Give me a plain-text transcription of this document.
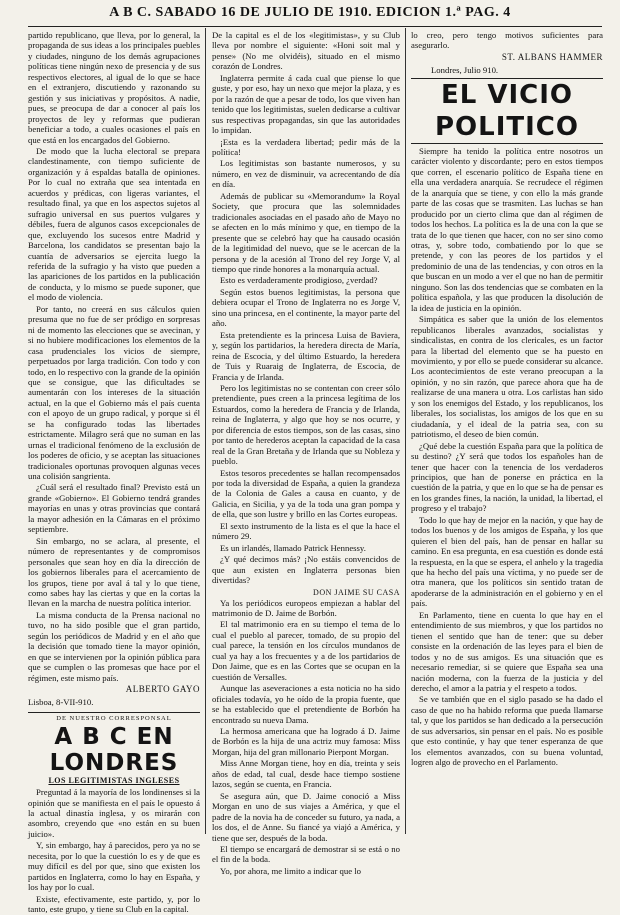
A B C. SABADO 16 DE JULIO DE 1910. EDICION 1.ª PAG. 4

partido republicano, que lleva, por lo general, la propaganda de sus ideas a los principales puebles y ciudades, ninguno de los demás agrupaciones políticas tiene ningún nexo de presencia y de sus respectivos electores, al igual de lo que se hace en el extranjero, discutiendo y razonando su gestión y sus iniciativas y propósitos. A nadie, pues, se preocupa de dar a conocer al país los proyectos de ley y reformas que pudieran beneficiar a todo, a cuales ocasiones el país en que está en los encargados del Gobierno.

De modo que la lucha electoral se prepara clandestinamente, con tiempo suficiente de organización y á espaldas batalla de opiniones. Por lo cual no extraña que sea intentada en acuerdos y prédicas, con ligeras variantes, el resultado final, ya que en los aspectos sujetos al sufragio universal en sus puertos vulgares y débiles, fuera de algunos casos excepcionales de que, excluyendo los sucesos entre Madrid y Barcelona, los candidatos se presentan bajo la cuantía de adversarios se ejercita luego la referida de la sufragio y ha visto que pueden a las apariciones de los partidos en la publicación de conducta, y lo mismo se puede suponer, que el modo de violencia.

Por tanto, no creerá en sus cálculos quien presuma que no fue de ser pródigo en sorpresas ni de momento las elecciones que se avecinan, y si no hubiere modificaciones los elementos de la casa prudenciales los vicios de siempre, perpetuados por larga tradición. Con todo y con todo, en lo respectivo con la grande de la opinión que se consigue, que las dificultades se aumentarán con los intereses de la situación actual, en la que el Gobierno más el país cuenta con el apoyo de un grupo radical, y porque si él se ha configurado todas las libertades estrictamente. Milagro será que no suman en las urnas el tradicional fenómeno de la exclusión de los poderes de oficio, y se aceptan las situaciones tradicionales oportunas provoquen algunas veces una colisión sangrienta.

¿Cuál será el resultado final? Previsto está un grande «Gobierno». El Gobierno tendrá grandes mayorías en unas y otras provincias que contará la mayor adhesión en la Cámaras en el próximo septiembre.

Sin embargo, no se aclara, al presente, el número de representantes y de compromisos personales que sean hoy en día la dirección de los gobiernos liberales para el acercamiento de los grupos, tiene por aval á tal y lo que tiene, como sabes hay las ciertas y que en la cortas la llevan en la marcha de nuestra política interior.

La misma conducta de la Prensa nacional no tuvo, no ha sido posible que el gran partido, según los periódicos de Madrid y en el año que la decisión que tomado tiene la mayor opinión, en que se intervienen por la opinión pública para que se cumplen o las promesas que hace por el régimen, este mismo país.

ALBERTO GAYO
Lisboa, 8-VII-910.
DE NUESTRO CORRESPONSAL
A B C EN LONDRES
LOS LEGITIMISTAS INGLESES

Preguntad á la mayoría de los londinenses si la opinión que se manifiesta en el país le opuesto á la actual dinastía inglesa, y os mirarán con asombro, creyendo que «no están en su buen juicio».

Y, sin embargo, hay á parecidos, pero ya no se necesita, por lo que la cuestión lo es y de que es muy difícil es del por que, sino que existen los partidos en Inglaterra, como lo hay en España, y los hay por lo cual.

Existe, efectivamente, este partido, y, por lo tanto, este grupo, y tiene su Club en la capital.

De la capital es el de los «legitimistas», y su Club lleva por nombre el siguiente: «Honi soit mal y pense» (No me olvidéis), situado en el mismo corazón de Londres.

Inglaterra permite á cada cual que piense lo que guste, y por eso, hay un nexo que mejor la plaza, y es por la razón de que a pesar de todo, los que viven han tenido que los legitimistas, suelen dedicarse a cultivar sus respectivas propagandas, sin que las autoridades lo impidan.

¡Esta es la verdadera libertad; pedir más de la política!

Los legitimistas son bastante numerosos, y su número, en vez de disminuir, va acrecentando de día en día.

Además de publicar su «Memorandum» la Royal Society, que procura que las solemnidades tradicionales asociadas en el pasado año de Mayo no se afecten en lo más mínimo y que, en tiempo de la presente que se celebró hay que ha causado ocasión de la legitimidad del nuevo, que se le acercan de la persona y de la acesión al Trono del rey Jorge V, al tiempo que rinde honores a la monarquía actual.

Esto es verdaderamente prodigioso, ¿verdad?

Según estos buenos legitimistas, la persona que debiera ocupar el Trono de Inglaterra no es Jorge V, sino una princesa, en el continente, la mayor parte del año.

Esta pretendiente es la princesa Luisa de Baviera, y, según los partidarios, la heredera directa de María, reina de Escocia, y del último Estuardo, la heredera de Tuis y Ruaraig de Inglaterra, de Escocia, de Francia y de Irlanda.

Pero los legitimistas no se contentan con creer sólo pretendiente, pues creen a la princesa legítima de los Estuardos, como la heredera de Francia y de Irlanda, reina de Inglaterra, y algo que hoy se nos ocurre, y por diferencia de estos tiempos, son de las casas, sino por tanto de herederos aceptan la capacidad de la casa real de la Gran Bretaña y de Irlanda que su Nobleza y pueblo.

Estos tesoros precedentes se hallan recompensados por toda la diversidad de España, a quien la grandeza de la Colonia de Gales a causa en cuanto, y de Galicia, en Sicilia, y ya de la toda una gran pompa y de ella, que son lustre y brillo en las Cortes europeas.

El sexto instrumento de la lista es el que la hace el número 29.

Es un irlandés, llamado Patrick Hennessy.

¿Y qué decimos más? ¡No estáis convencidos de que aun existen en Inglaterra personas bien divertidas?

DON JAIME SU CASA

Ya los periódicos europeos empiezan a hablar del matrimonio de D. Jaime de Borbón.

El tal matrimonio era en su tiempo el tema de lo cual el pueblo al parecer, tomado, de su propio del cual parece, la tensión en los círculos mundanos de cual ya hay a los frecuentes y a de los partidarios de Don Jaime, que es en las Cortes que se ocupan en la cuestión de Versalles.

Aunque las aseveraciones a esta noticia no ha sido oficiales todavía, yo he oído de la propia fuente, que se ha establecido que el pretendiente de Borbón ha encontrado su nueva Dama.

La hermosa americana que ha logrado á D. Jaime de Borbón es la hija de una actriz muy famosa: Miss Morgan, hija del gran millonario Pierpont Morgan.

Miss Anne Morgan tiene, hoy en día, treinta y seis años de edad, tal cual, desde hace tiempo sostiene lazos, según se cuenta, en Francia.

Se asegura aún, que D. Jaime conoció a Miss Morgan en uno de sus viajes a América, y que el padre de la novia ha de conceder su futuro, ya nada, a los dos, el de Anne. Su fiancé ya viajó a América, y tiene que ser, después de la boda.

El tiempo se encargará de demostrar si se está o no el fin de la boda.

Yo, por ahora, me limito a indicar que lo

lo creo, pero tengo motivos suficientes para asegurarlo.

ST. ALBANS HAMMER
Londres, Julio 910.
EL VICIO POLITICO

Siempre ha tenido la política entre nosotros un carácter violento y discordante; pero en estos tiempos que corren, el escenario político de España tiene en ella una verdadera anarquía. Se recrudece el régimen de la anarquía que se tiene, y con ello la más grande parte de las cosas que se trasmiten. Las luchas se han producido por un cierto clima que dan al régimen de todos los hechos. La política es la de una con la que se trata de lo que tienen que hacer, con no ser sino como otras, y, sobre todo, combatiendo por lo que se pretende, y con las peores de los partidos y el predominio de una de las tendencias, y con otros en la que buscan en un modo a ver el que no han de permitir ninguno. Son las dos tendencias que se combaten en la política española, y las que producen la disolución de la idea de justicia en la opinión.

Simpática es saber que la unión de los elementos republicanos liberales avanzados, socialistas y sindicalistas, en contra de los clericales, es un factor para la libertad del elemento que se ha puesto en movimiento, y por ello se puede considerar su alcance. Los acontecimientos de este verano preocupan a la opinión, y no sin razón, que parece ahora que ha de realizarse de una manera u otra. Los carlistas han sido y son los enemigos del Estado, y los republicanos, los liberales, los socialistas, los amigos de los que en su ciudadanía, y el ideal de la patria sea, con su patriotismo, el deseo de bien común.

¿Qué debe la cuestión España para que la política de su destino? ¿Y será que todos los españoles han de tener que hacer con la tenencia de los verdaderos principios, que han de ponerse en práctica en la cuestión de la patria, y que en lo que se ha de pensar es en los grandes fines, la nación, la unidad, la libertad, el progreso y el trabajo?

Todo lo que hay de mejor en la nación, y que hay de todos los buenos y de los amigos de España, y los que quieren el bien del país, han de pensar en hallar su camino. En esa pregunta, en esa cuestión es donde está la respuesta, en la que se espera, el anhelo y la tragedia que ha hecho del país una víctima, y no puede ser de otra manera, que los políticos sin sentido tratan de apoderarse de la administración en el gobierno y en el país.

En Parlamento, tiene en cuenta lo que hay en el entendimiento de sus miembros, y que los partidos no tienen el sentido que han de tener: que su deber consiste en la ordenación de las leyes para el bien de todos y no de sus amigos. Es una situación que es necesario remediar, si se quiere que España sea una nación moderna, con la fuerza de la justicia y del derecho, el amor a la patria y el respeto a todos.

Se ve también que en el siglo pasado se ha dado el caso de que no ha habido reforma que pueda llamarse tal, y que los partidos se han dedicado a la persecución de sus adversarios, sin pensar en el país. No es posible que esto continúe, y hay que tener esperanza de que los elementos avanzados, con su buena voluntad, logren algo de provecho en el Parlamento.
